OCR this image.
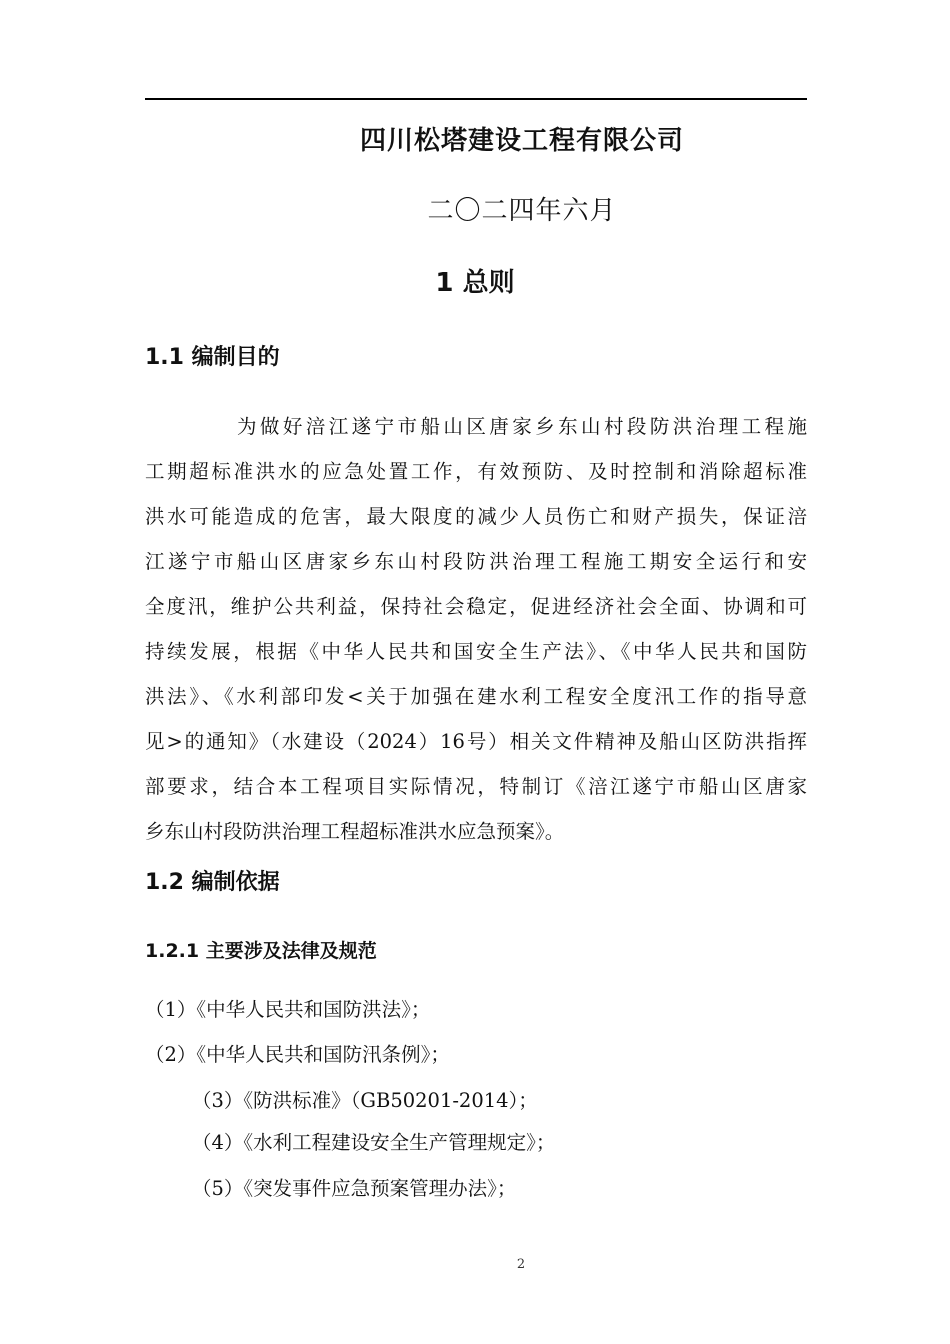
四川松塔建设工程有限公司
二〇二四年六月
1 总则
1.1 编制目的
为做好涪江遂宁市船山区唐家乡东山村段防洪治理工程施
工期超标准洪水的应急处置工作，有效预防、及时控制和消除超标准
洪水可能造成的危害，最大限度的减少人员伤亡和财产损失，保证涪
江遂宁市船山区唐家乡东山村段防洪治理工程施工期安全运行和安
全度汛，维护公共利益，保持社会稳定，促进经济社会全面、协调和可
持续发展，根据《中华人民共和国安全生产法》、《中华人民共和国防
洪法》、《水利部印发<关于加强在建水利工程安全度汛工作的指导意
见>的通知》（水建设（2024）16号）相关文件精神及船山区防洪指挥
部要求，结合本工程项目实际情况，特制订《涪江遂宁市船山区唐家
乡东山村段防洪治理工程超标准洪水应急预案》。
1.2 编制依据
1.2.1 主要涉及法律及规范
（1）《中华人民共和国防洪法》；
（2）《中华人民共和国防汛条例》；
（3）《防洪标准》（GB50201-2014）；
（4）《水利工程建设安全生产管理规定》；
（5）《突发事件应急预案管理办法》；
2
